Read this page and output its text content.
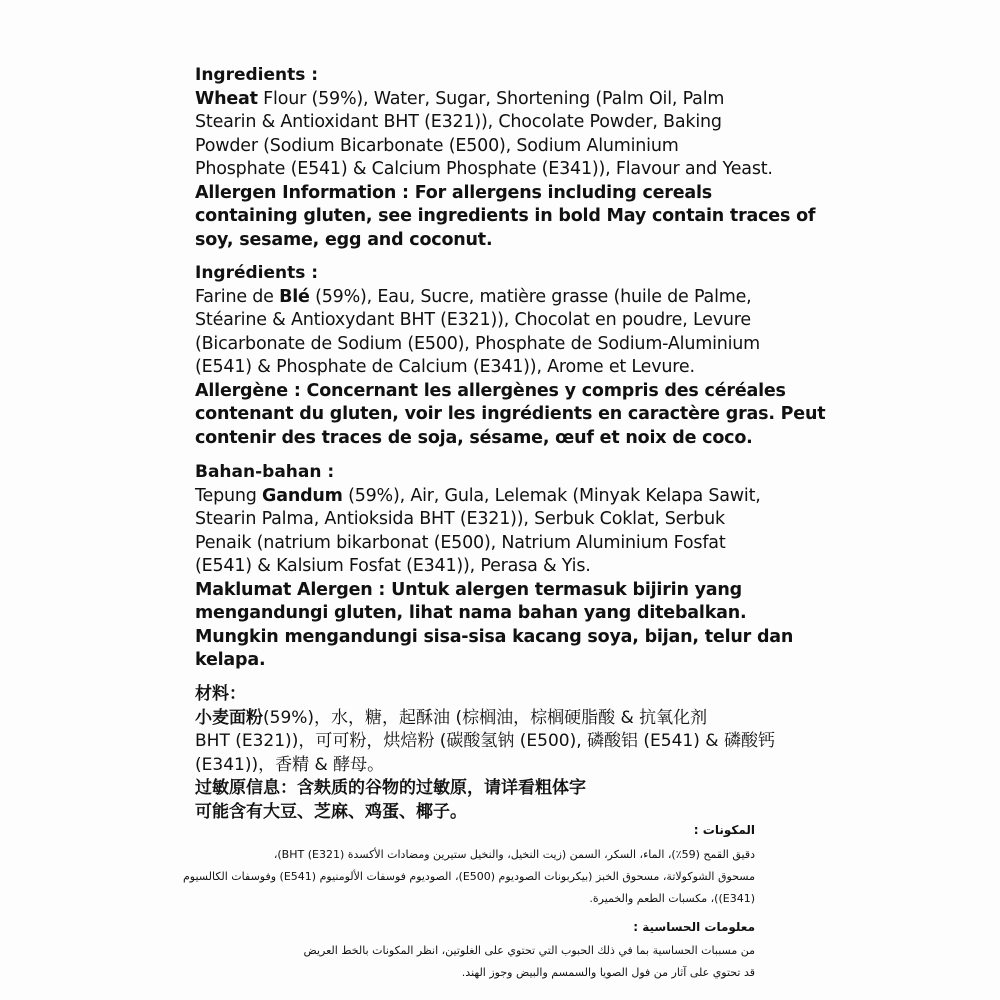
Ingredients :
Wheat Flour (59%), Water, Sugar, Shortening (Palm Oil, Palm
Stearin & Antioxidant BHT (E321)), Chocolate Powder, Baking
Powder (Sodium Bicarbonate (E500), Sodium Aluminium
Phosphate (E541) & Calcium Phosphate (E341)), Flavour and Yeast.
Allergen Information : For allergens including cereals
containing gluten, see ingredients in bold May contain traces of
soy, sesame, egg and coconut.
Ingrédients :
Farine de Blé (59%), Eau, Sucre, matière grasse (huile de Palme,
Stéarine & Antioxydant BHT (E321)), Chocolat en poudre, Levure
(Bicarbonate de Sodium (E500), Phosphate de Sodium-Aluminium
(E541) & Phosphate de Calcium (E341)), Arome et Levure.
Allergène : Concernant les allergènes y compris des céréales
contenant du gluten, voir les ingrédients en caractère gras. Peut
contenir des traces de soja, sésame, œuf et noix de coco.
Bahan-bahan :
Tepung Gandum (59%), Air, Gula, Lelemak (Minyak Kelapa Sawit,
Stearin Palma, Antioksida BHT (E321)), Serbuk Coklat, Serbuk
Penaik (natrium bikarbonat (E500), Natrium Aluminium Fosfat
(E541) & Kalsium Fosfat (E341)), Perasa & Yis.
Maklumat Alergen : Untuk alergen termasuk bijirin yang
mengandungi gluten, lihat nama bahan yang ditebalkan.
Mungkin mengandungi sisa-sisa kacang soya, bijan, telur dan
kelapa.
材料：
小麦面粉(59%)，水，糖，起酥油 (棕榈油，棕榈硬脂酸 & 抗氧化剂
BHT (E321))，可可粉，烘焙粉 (碳酸氢钠 (E500), 磷酸铝 (E541) & 磷酸钙
(E341))，香精 & 酵母。
过敏原信息：含麸质的谷物的过敏原，请详看粗体字
可能含有大豆、芝麻、鸡蛋、椰子。
المكونات :
دقيق القمح (59٪)، الماء، السكر، السمن (زيت النخيل، والنخيل ستيرين ومضادات الأكسدة BHT (E321))،
مسحوق الشوكولاتة، مسحوق الخبز (بيكربونات الصوديوم (E500)، الصوديوم فوسفات الألومنيوم (E541) وفوسفات الكالسيوم
(E341))، مكسبات الطعم والخميرة.
معلومات الحساسية :
من مسببات الحساسية بما في ذلك الحبوب التي تحتوي على الغلوتين، انظر المكونات بالخط العريض
قد تحتوي على آثار من فول الصويا والسمسم والبيض وجوز الهند.
